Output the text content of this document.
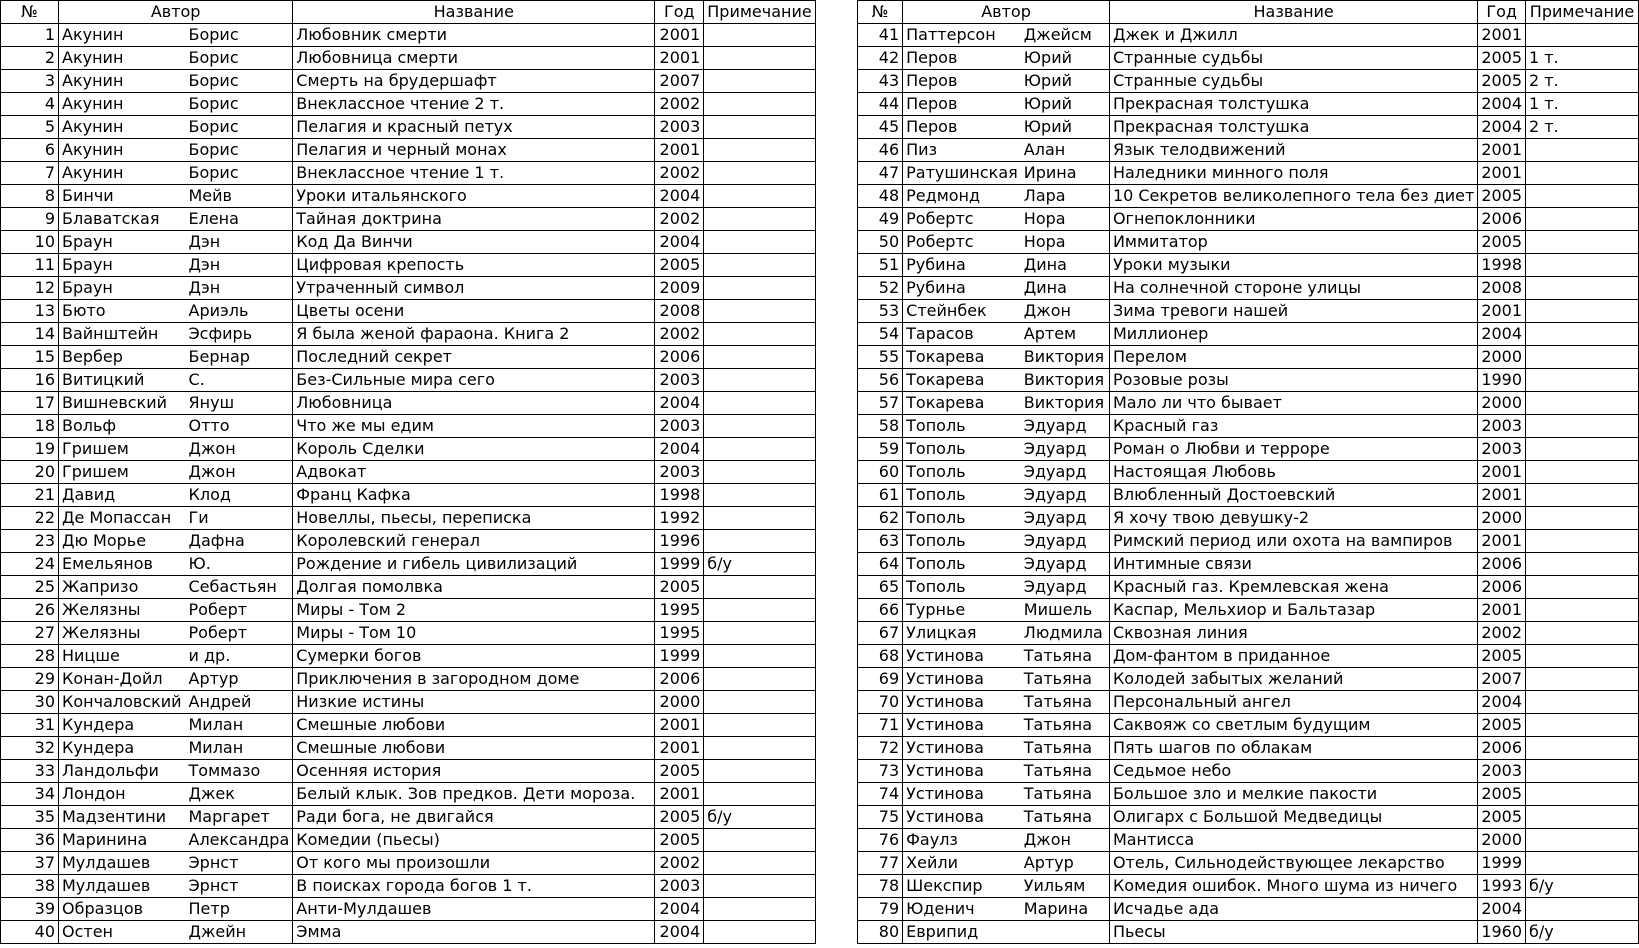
№	Автор		Название	Год	Примечание
1	Акунин	Борис	Любовник смерти	2001	
2	Акунин	Борис	Любовница смерти	2001	
3	Акунин	Борис	Смерть на брудершафт	2007	
4	Акунин	Борис	Внеклассное чтение 2 т.	2002	
5	Акунин	Борис	Пелагия и красный петух	2003	
6	Акунин	Борис	Пелагия и черный монах	2001	
7	Акунин	Борис	Внеклассное чтение 1 т.	2002	
8	Бинчи	Мейв	Уроки итальянского	2004	
9	Блаватская	Елена	Тайная доктрина	2002	
10	Браун	Дэн	Код Да Винчи	2004	
11	Браун	Дэн	Цифровая крепость	2005	
12	Браун	Дэн	Утраченный символ	2009	
13	Бюто	Ариэль	Цветы осени	2008	
14	Вайнштейн	Эсфирь	Я была женой фараона. Книга 2	2002	
15	Вербер	Бернар	Последний секрет	2006	
16	Витицкий	С.	Без-Сильные мира сего	2003	
17	Вишневский	Януш	Любовница	2004	
18	Вольф	Отто	Что же мы едим	2003	
19	Гришем	Джон	Король Сделки	2004	
20	Гришем	Джон	Адвокат	2003	
21	Давид	Клод	Франц Кафка	1998	
22	Де Мопассан	Ги	Новеллы, пьесы, переписка	1992	
23	Дю Морье	Дафна	Королевский генерал	1996	
24	Емельянов	Ю.	Рождение и гибель цивилизаций	1999	б/у
25	Жапризо	Себастьян	Долгая помолвка	2005	
26	Желязны	Роберт	Миры - Том 2	1995	
27	Желязны	Роберт	Миры - Том 10	1995	
28	Ницше	и др.	Сумерки богов	1999	
29	Конан-Дойл	Артур	Приключения в загородном доме	2006	
30	Кончаловский	Андрей	Низкие истины	2000	
31	Кундера	Милан	Смешные любови	2001	
32	Кундера	Милан	Смешные любови	2001	
33	Ландольфи	Томмазо	Осенняя история	2005	
34	Лондон	Джек	Белый клык. Зов предков. Дети мороза.	2001	
35	Мадзентини	Маргарет	Ради бога, не двигайся	2005	б/у
36	Маринина	Александра	Комедии (пьесы)	2005	
37	Мулдашев	Эрнст	От кого мы произошли	2002	
38	Мулдашев	Эрнст	В поисках города богов 1 т.	2003	
39	Образцов	Петр	Анти-Мулдашев	2004	
40	Остен	Джейн	Эмма	2004	
№	Автор		Название	Год	Примечание
41	Паттерсон	Джейсм	Джек и Джилл	2001	
42	Перов	Юрий	Странные судьбы	2005	1 т.
43	Перов	Юрий	Странные судьбы	2005	2 т.
44	Перов	Юрий	Прекрасная толстушка	2004	1 т.
45	Перов	Юрий	Прекрасная толстушка	2004	2 т.
46	Пиз	Алан	Язык телодвижений	2001	
47	Ратушинская	Ирина	Наледники минного поля	2001	
48	Редмонд	Лара	10 Секретов великолепного тела без диет	2005	
49	Робертс	Нора	Огнепоклонники	2006	
50	Робертс	Нора	Иммитатор	2005	
51	Рубина	Дина	Уроки музыки	1998	
52	Рубина	Дина	На солнечной стороне улицы	2008	
53	Стейнбек	Джон	Зима тревоги нашей	2001	
54	Тарасов	Артем	Миллионер	2004	
55	Токарева	Виктория	Перелом	2000	
56	Токарева	Виктория	Розовые розы	1990	
57	Токарева	Виктория	Мало ли что бывает	2000	
58	Тополь	Эдуард	Красный газ	2003	
59	Тополь	Эдуард	Роман о Любви и терроре	2003	
60	Тополь	Эдуард	Настоящая Любовь	2001	
61	Тополь	Эдуард	Влюбленный Достоевский	2001	
62	Тополь	Эдуард	Я хочу твою девушку-2	2000	
63	Тополь	Эдуард	Римский период или охота на вампиров	2001	
64	Тополь	Эдуард	Интимные связи	2006	
65	Тополь	Эдуард	Красный газ. Кремлевская жена	2006	
66	Турнье	Мишель	Каспар, Мельхиор и Бальтазар	2001	
67	Улицкая	Людмила	Сквозная линия	2002	
68	Устинова	Татьяна	Дом-фантом в приданное	2005	
69	Устинова	Татьяна	Колодей забытых желаний	2007	
70	Устинова	Татьяна	Персональный ангел	2004	
71	Устинова	Татьяна	Саквояж со светлым будущим	2005	
72	Устинова	Татьяна	Пять шагов по облакам	2006	
73	Устинова	Татьяна	Седьмое небо	2003	
74	Устинова	Татьяна	Большое зло и мелкие пакости	2005	
75	Устинова	Татьяна	Олигарх с Большой Медведицы	2005	
76	Фаулз	Джон	Мантисса	2000	
77	Хейли	Артур	Отель, Сильнодействующее лекарство	1999	
78	Шекспир	Уильям	Комедия ошибок. Много шума из ничего	1993	б/у
79	Юденич	Марина	Исчадье ада	2004	
80	Еврипид		Пьесы	1960	б/у
